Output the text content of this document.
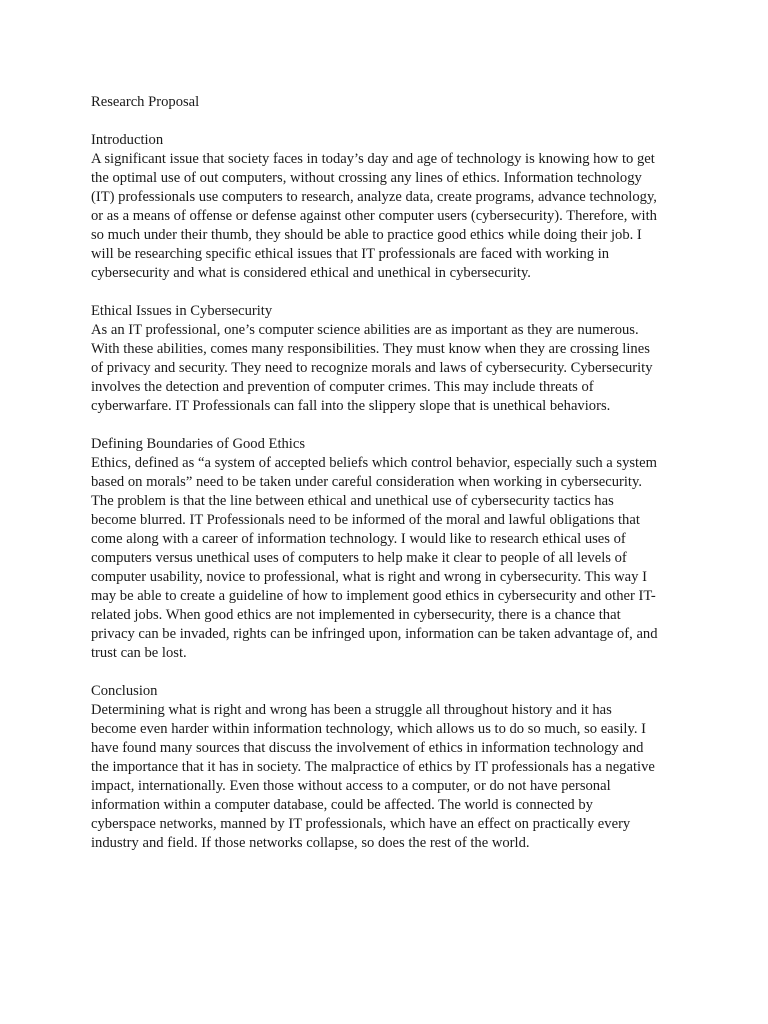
Research Proposal
Introduction
A significant issue that society faces in today’s day and age of technology is knowing how to get
the optimal use of out computers, without crossing any lines of ethics. Information technology
(IT) professionals use computers to research, analyze data, create programs, advance technology,
or as a means of offense or defense against other computer users (cybersecurity). Therefore, with
so much under their thumb, they should be able to practice good ethics while doing their job. I
will be researching specific ethical issues that IT professionals are faced with working in
cybersecurity and what is considered ethical and unethical in cybersecurity.
Ethical Issues in Cybersecurity
As an IT professional, one’s computer science abilities are as important as they are numerous.
With these abilities, comes many responsibilities. They must know when they are crossing lines
of privacy and security. They need to recognize morals and laws of cybersecurity. Cybersecurity
involves the detection and prevention of computer crimes. This may include threats of
cyberwarfare. IT Professionals can fall into the slippery slope that is unethical behaviors.
Defining Boundaries of Good Ethics
Ethics, defined as “a system of accepted beliefs which control behavior, especially such a system
based on morals” need to be taken under careful consideration when working in cybersecurity.
The problem is that the line between ethical and unethical use of cybersecurity tactics has
become blurred. IT Professionals need to be informed of the moral and lawful obligations that
come along with a career of information technology. I would like to research ethical uses of
computers versus unethical uses of computers to help make it clear to people of all levels of
computer usability, novice to professional, what is right and wrong in cybersecurity. This way I
may be able to create a guideline of how to implement good ethics in cybersecurity and other IT-
related jobs. When good ethics are not implemented in cybersecurity, there is a chance that
privacy can be invaded, rights can be infringed upon, information can be taken advantage of, and
trust can be lost.
Conclusion
Determining what is right and wrong has been a struggle all throughout history and it has
become even harder within information technology, which allows us to do so much, so easily. I
have found many sources that discuss the involvement of ethics in information technology and
the importance that it has in society. The malpractice of ethics by IT professionals has a negative
impact, internationally. Even those without access to a computer, or do not have personal
information within a computer database, could be affected. The world is connected by
cyberspace networks, manned by IT professionals, which have an effect on practically every
industry and field. If those networks collapse, so does the rest of the world.
